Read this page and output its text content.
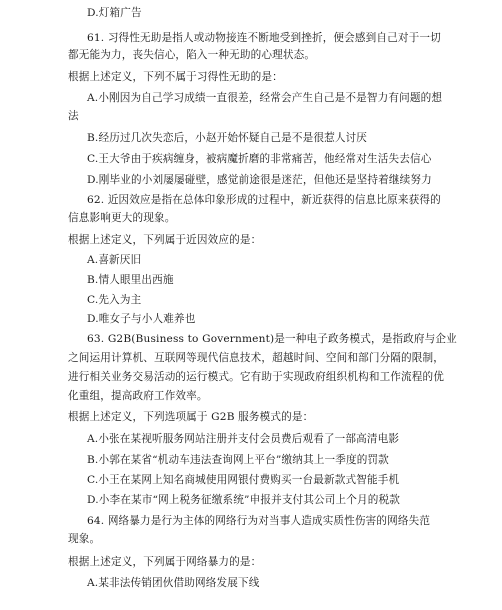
D.灯箱广告
61. 习得性无助是指人或动物接连不断地受到挫折，便会感到自己对于一切
都无能为力，丧失信心，陷入一种无助的心理状态。
根据上述定义，下列不属于习得性无助的是：
A.小刚因为自己学习成绩一直很差，经常会产生自己是不是智力有问题的想
法
B.经历过几次失恋后，小赵开始怀疑自己是不是很惹人讨厌
C.王大爷由于疾病缠身，被病魔折磨的非常痛苦，他经常对生活失去信心
D.刚毕业的小刘屡屡碰壁，感觉前途很是迷茫，但他还是坚持着继续努力
62. 近因效应是指在总体印象形成的过程中，新近获得的信息比原来获得的
信息影响更大的现象。
根据上述定义，下列属于近因效应的是：
A.喜新厌旧
B.情人眼里出西施
C.先入为主
D.唯女子与小人难养也
63. G2B(Business to Government)是一种电子政务模式，是指政府与企业
之间运用计算机、互联网等现代信息技术，超越时间、空间和部门分隔的限制，
进行相关业务交易活动的运行模式。它有助于实现政府组织机构和工作流程的优
化重组，提高政府工作效率。
根据上述定义，下列选项属于 G2B 服务模式的是：
A.小张在某视听服务网站注册并支付会员费后观看了一部高清电影
B.小郭在某省“机动车违法查询网上平台”缴纳其上一季度的罚款
C.小王在某网上知名商城使用网银付费购买一台最新款式智能手机
D.小李在某市“网上税务征缴系统”申报并支付其公司上个月的税款
64. 网络暴力是行为主体的网络行为对当事人造成实质性伤害的网络失范
现象。
根据上述定义，下列属于网络暴力的是：
A.某非法传销团伙借助网络发展下线
